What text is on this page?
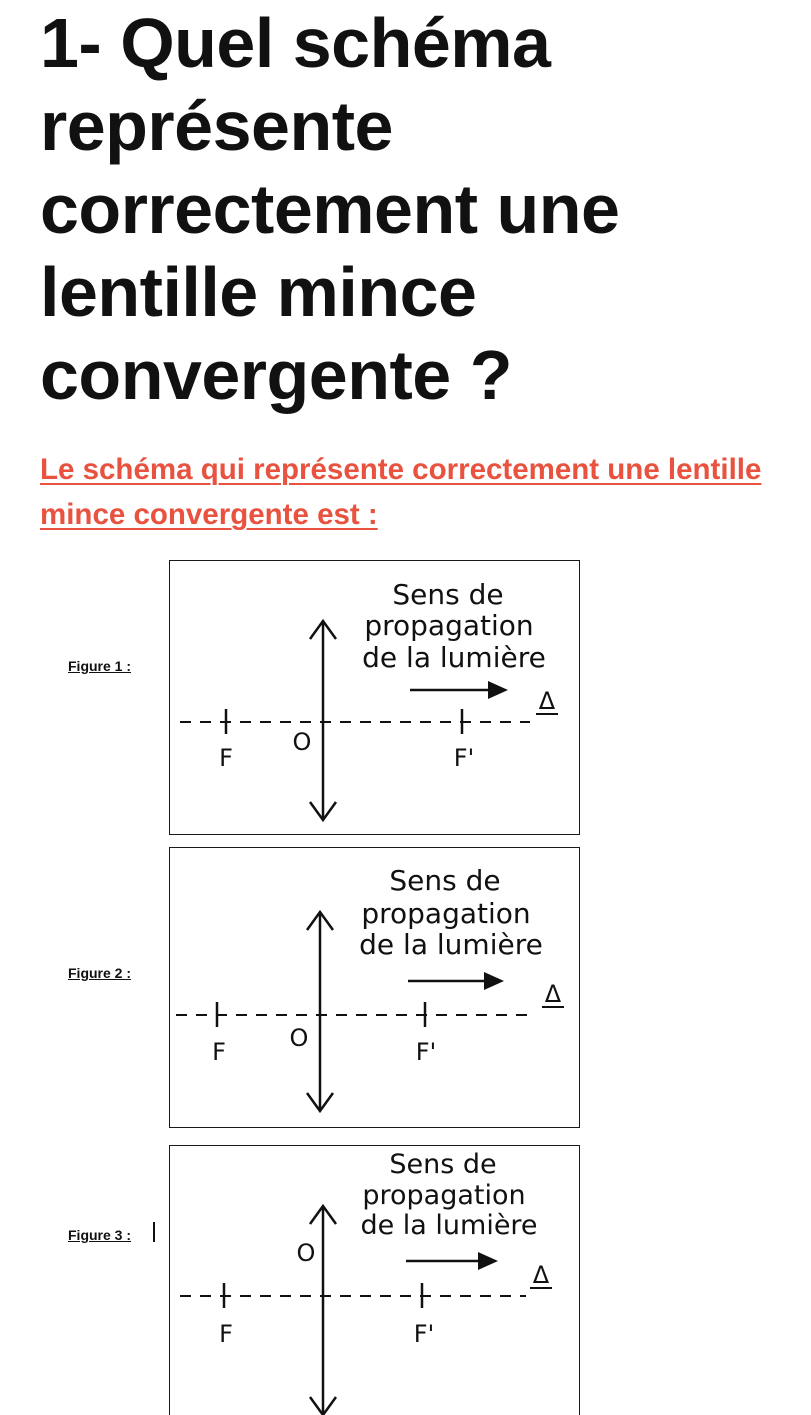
1- Quel schéma représente correctement une lentille mince convergente ?

Le schéma qui représente correctement une lentille mince convergente est :

Figure 1 :
Sens de
propagation
de la lumière
Δ
F
O
F'
Figure 2 :
Sens de
propagation
de la lumière
Δ
F	O	F'
Figure 3 :
Sens de
propagation
de la lumière
Δ
F
O
F'
